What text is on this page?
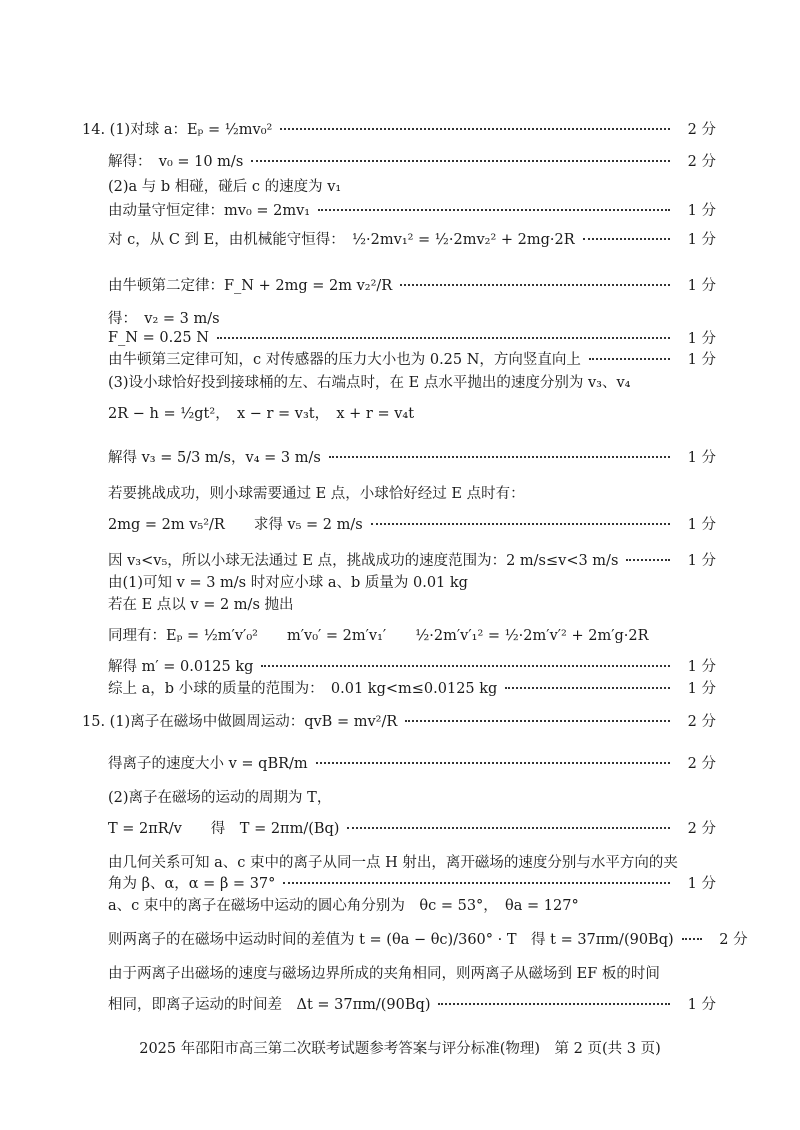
14. (1)对球 a：Eₚ = ½mv₀²	2 分
解得：　v₀ = 10 m/s	2 分
(2)a 与 b 相碰，碰后 c 的速度为 v₁
由动量守恒定律：mv₀ = 2mv₁	1 分
对 c，从 C 到 E，由机械能守恒得：　½·2mv₁² = ½·2mv₂² + 2mg·2R	1 分
由牛顿第二定律：F_N + 2mg = 2m v₂²/R	1 分
得：　v₂ = 3 m/s
F_N = 0.25 N	1 分
由牛顿第三定律可知，c 对传感器的压力大小也为 0.25 N，方向竖直向上	1 分
(3)设小球恰好投到接球桶的左、右端点时，在 E 点水平抛出的速度分别为 v₃、v₄
2R − h = ½gt²，　x − r = v₃t，　x + r = v₄t
解得 v₃ = 5/3 m/s，v₄ = 3 m/s	1 分
若要挑战成功，则小球需要通过 E 点，小球恰好经过 E 点时有：
2mg = 2m v₅²/R　　求得 v₅ = 2 m/s	1 分
因 v₃<v₅，所以小球无法通过 E 点，挑战成功的速度范围为：2 m/s≤v<3 m/s	1 分
由(1)可知 v = 3 m/s 时对应小球 a、b 质量为 0.01 kg
若在 E 点以 v = 2 m/s 抛出
同理有：Eₚ = ½m′v′₀²　　m′v₀′ = 2m′v₁′　　½·2m′v′₁² = ½·2m′v′² + 2m′g·2R
解得 m′ = 0.0125 kg	1 分
综上 a，b 小球的质量的范围为：　0.01 kg<m≤0.0125 kg	1 分
15. (1)离子在磁场中做圆周运动：qvB = mv²/R	2 分
得离子的速度大小 v = qBR/m	2 分
(2)离子在磁场的运动的周期为 T，
T = 2πR/v　　得　T = 2πm/(Bq)	2 分
由几何关系可知 a、c 束中的离子从同一点 H 射出，离开磁场的速度分别与水平方向的夹
角为 β、α，α = β = 37°	1 分
a、c 束中的离子在磁场中运动的圆心角分别为　θc = 53°，　θa = 127°
则两离子的在磁场中运动时间的差值为 t = (θa − θc)/360° · T　得 t = 37πm/(90Bq)	2 分
由于两离子出磁场的速度与磁场边界所成的夹角相同，则两离子从磁场到 EF 板的时间
相同，即离子运动的时间差　Δt = 37πm/(90Bq)	1 分
2025 年邵阳市高三第二次联考试题参考答案与评分标准(物理)　第 2 页(共 3 页)
